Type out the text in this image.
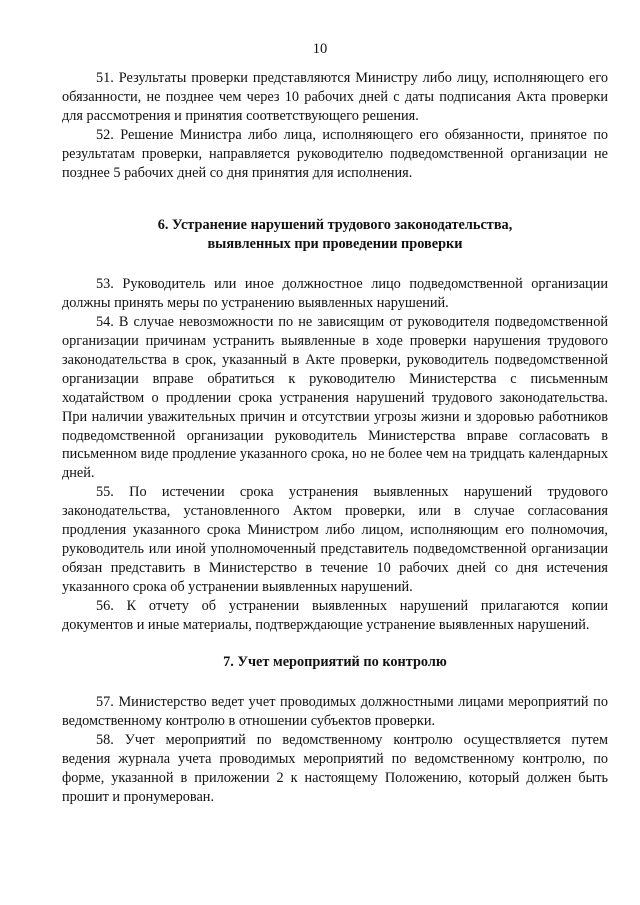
10

51. Результаты проверки представляются Министру либо лицу, исполняющего его обязанности, не позднее чем через 10 рабочих дней с даты подписания Акта проверки для рассмотрения и принятия соответствующего решения.

52. Решение Министра либо лица, исполняющего его обязанности, принятое по результатам проверки, направляется руководителю подведомственной организации не позднее 5 рабочих дней со дня принятия для исполнения.

6. Устранение нарушений трудового законодательства,
выявленных при проведении проверки

53. Руководитель или иное должностное лицо подведомственной организации должны принять меры по устранению выявленных нарушений.

54. В случае невозможности по не зависящим от руководителя подведомственной организации причинам устранить выявленные в ходе проверки нарушения трудового законодательства в срок, указанный в Акте проверки, руководитель подведомственной организации вправе обратиться к руководителю Министерства с письменным ходатайством о продлении срока устранения нарушений трудового законодательства. При наличии уважительных причин и отсутствии угрозы жизни и здоровью работников подведомственной организации руководитель Министерства вправе согласовать в письменном виде продление указанного срока, но не более чем на тридцать календарных дней.

55. По истечении срока устранения выявленных нарушений трудового законодательства, установленного Актом проверки, или в случае согласования продления указанного срока Министром либо лицом, исполняющим его полномочия, руководитель или иной уполномоченный представитель подведомственной организации обязан представить в Министерство в течение 10 рабочих дней со дня истечения указанного срока об устранении выявленных нарушений.

56. К отчету об устранении выявленных нарушений прилагаются копии документов и иные материалы, подтверждающие устранение выявленных нарушений.

7. Учет мероприятий по контролю

57. Министерство ведет учет проводимых должностными лицами мероприятий по ведомственному контролю в отношении субъектов проверки.

58. Учет мероприятий по ведомственному контролю осуществляется путем ведения журнала учета проводимых мероприятий по ведомственному контролю, по форме, указанной в приложении 2 к настоящему Положению, который должен быть прошит и пронумерован.
